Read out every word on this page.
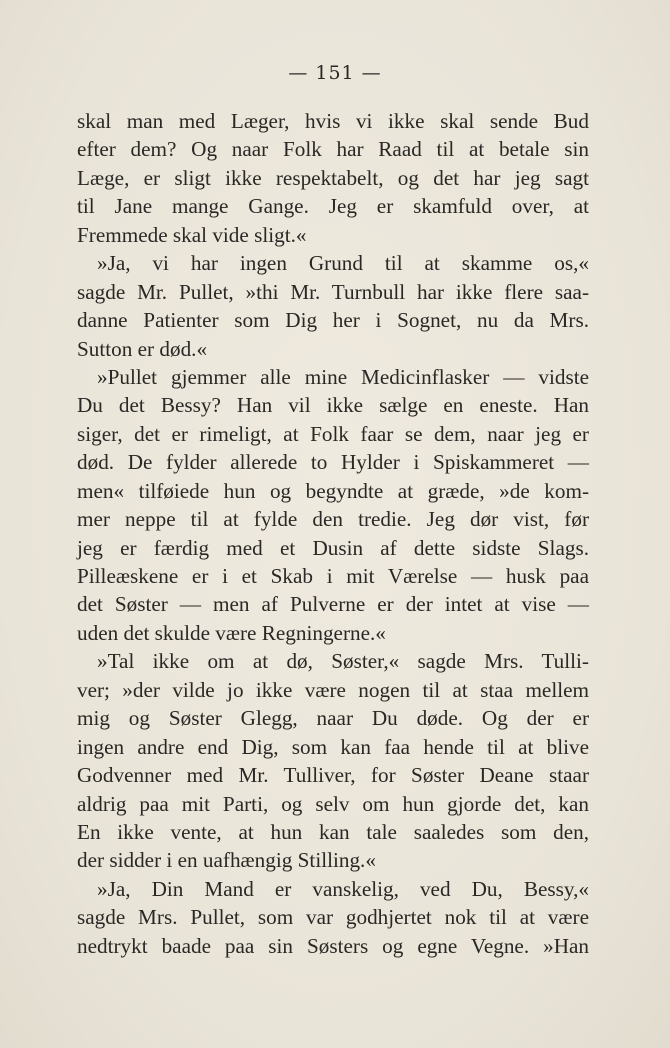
— 151 —
skal man med Læger, hvis vi ikke skal sende Bud
efter dem? Og naar Folk har Raad til at betale sin
Læge, er sligt ikke respektabelt, og det har jeg sagt
til Jane mange Gange. Jeg er skamfuld over, at
Fremmede skal vide sligt.«
»Ja, vi har ingen Grund til at skamme os,«
sagde Mr. Pullet, »thi Mr. Turnbull har ikke flere saa-
danne Patienter som Dig her i Sognet, nu da Mrs.
Sutton er død.«
»Pullet gjemmer alle mine Medicinflasker — vidste
Du det Bessy? Han vil ikke sælge en eneste. Han
siger, det er rimeligt, at Folk faar se dem, naar jeg er
død. De fylder allerede to Hylder i Spiskammeret —
men« tilføiede hun og begyndte at græde, »de kom-
mer neppe til at fylde den tredie. Jeg dør vist, før
jeg er færdig med et Dusin af dette sidste Slags.
Pilleæskene er i et Skab i mit Værelse — husk paa
det Søster — men af Pulverne er der intet at vise —
uden det skulde være Regningerne.«
»Tal ikke om at dø, Søster,« sagde Mrs. Tulli-
ver; »der vilde jo ikke være nogen til at staa mellem
mig og Søster Glegg, naar Du døde. Og der er
ingen andre end Dig, som kan faa hende til at blive
Godvenner med Mr. Tulliver, for Søster Deane staar
aldrig paa mit Parti, og selv om hun gjorde det, kan
En ikke vente, at hun kan tale saaledes som den,
der sidder i en uafhængig Stilling.«
»Ja, Din Mand er vanskelig, ved Du, Bessy,«
sagde Mrs. Pullet, som var godhjertet nok til at være
nedtrykt baade paa sin Søsters og egne Vegne. »Han
